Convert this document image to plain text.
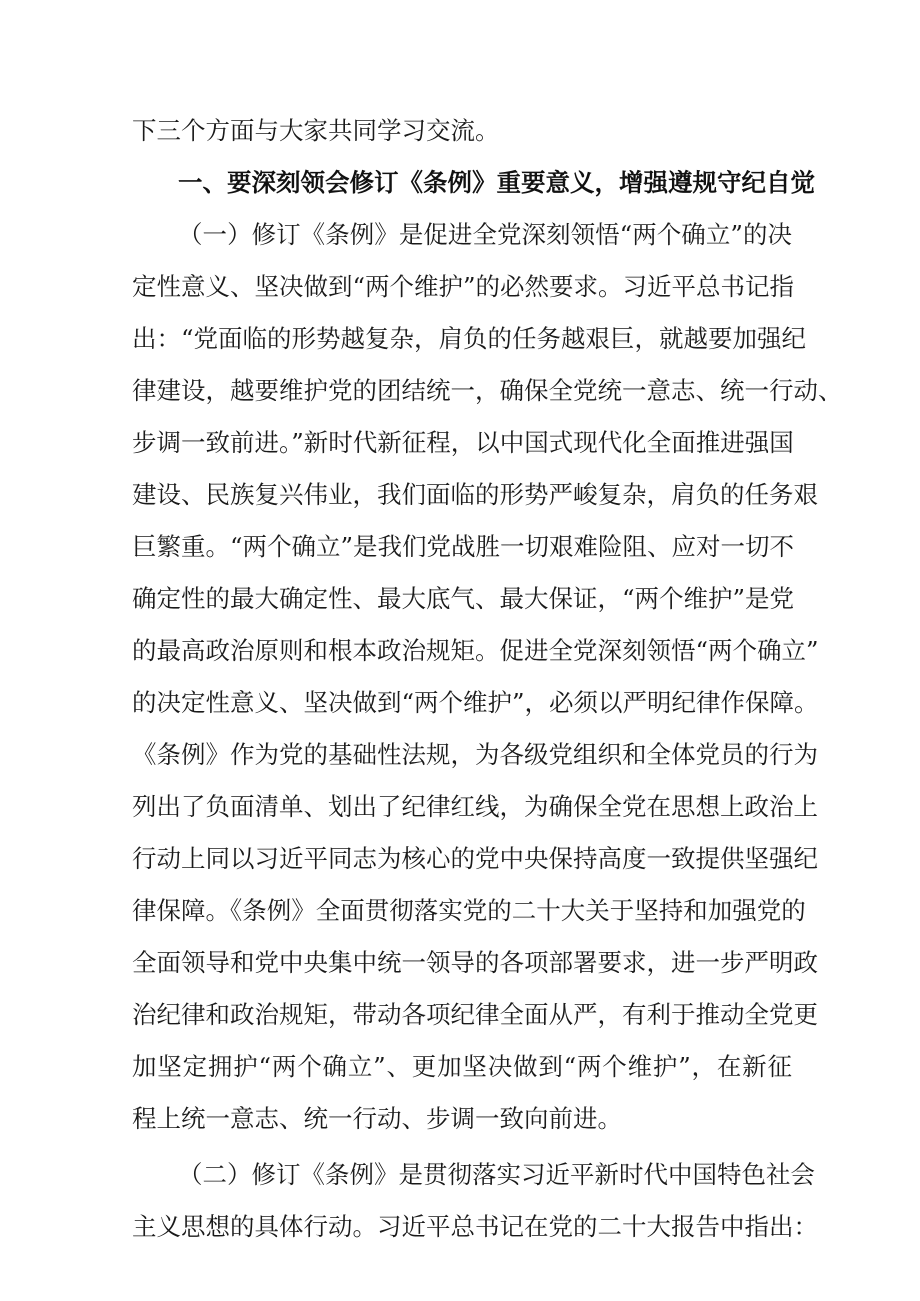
下三个方面与大家共同学习交流。
一、要深刻领会修订《条例》重要意义，增强遵规守纪自觉
（一）修订《条例》是促进全党深刻领悟“两个确立”的决
定性意义、坚决做到“两个维护”的必然要求。习近平总书记指
出：“党面临的形势越复杂，肩负的任务越艰巨，就越要加强纪
律建设，越要维护党的团结统一，确保全党统一意志、统一行动、
步调一致前进。”新时代新征程，以中国式现代化全面推进强国
建设、民族复兴伟业，我们面临的形势严峻复杂，肩负的任务艰
巨繁重。“两个确立”是我们党战胜一切艰难险阻、应对一切不
确定性的最大确定性、最大底气、最大保证，“两个维护”是党
的最高政治原则和根本政治规矩。促进全党深刻领悟“两个确立”
的决定性意义、坚决做到“两个维护”，必须以严明纪律作保障。
《条例》作为党的基础性法规，为各级党组织和全体党员的行为
列出了负面清单、划出了纪律红线，为确保全党在思想上政治上
行动上同以习近平同志为核心的党中央保持高度一致提供坚强纪
律保障。《条例》全面贯彻落实党的二十大关于坚持和加强党的
全面领导和党中央集中统一领导的各项部署要求，进一步严明政
治纪律和政治规矩，带动各项纪律全面从严，有利于推动全党更
加坚定拥护“两个确立”、更加坚决做到“两个维护”，在新征
程上统一意志、统一行动、步调一致向前进。
（二）修订《条例》是贯彻落实习近平新时代中国特色社会
主义思想的具体行动。习近平总书记在党的二十大报告中指出：
